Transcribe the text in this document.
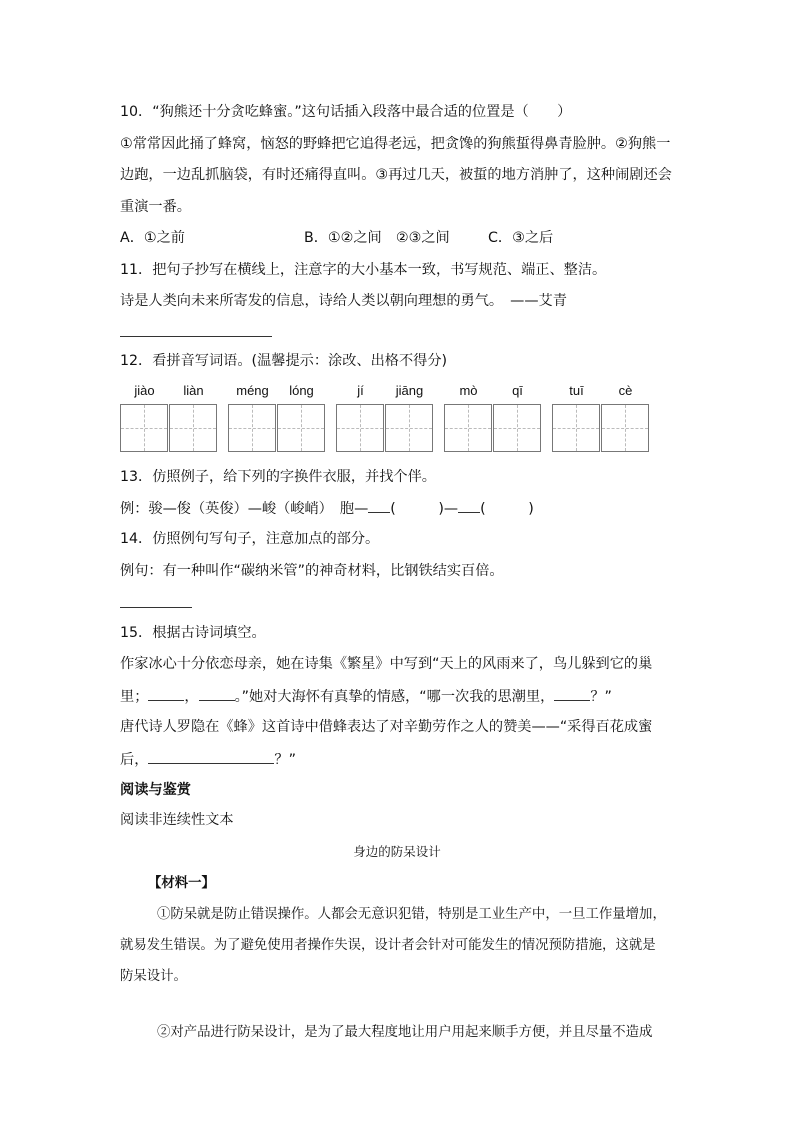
10．“狗熊还十分贪吃蜂蜜。”这句话插入段落中最合适的位置是（　　）
①常常因此捅了蜂窝，恼怒的野蜂把它追得老远，把贪馋的狗熊蜇得鼻青脸肿。②狗熊一
边跑，一边乱抓脑袋，有时还痛得直叫。③再过几天，被蜇的地方消肿了，这种闹剧还会
重演一番。
A．①之前	B．①②之间　②③之间	C．③之后
11．把句子抄写在横线上，注意字的大小基本一致，书写规范、端正、整洁。
诗是人类向未来所寄发的信息，诗给人类以朝向理想的勇气。　——艾青
12．看拼音写词语。(温馨提示：涂改、出格不得分)
jiào	liàn	méng	lóng	jí	jiāng	mò	qī	tuī	cè
13．仿照例子，给下列的字换件衣服，并找个伴。
例：骏—俊（英俊）—峻（峻峭）　胞— (　　　)— (　　　)
14．仿照例句写句子，注意加点的部分。
例句：有一种叫作“碳纳米管”的神奇材料，比钢铁结实百倍。
15．根据古诗词填空。
作家冰心十分依恋母亲，她在诗集《繁星》中写到“天上的风雨来了，鸟儿躲到它的巢
里；	，	。”她对大海怀有真挚的情感，“哪一次我的思潮里，	？”
唐代诗人罗隐在《蜂》这首诗中借蜂表达了对辛勤劳作之人的赞美——“采得百花成蜜
后，	？”
阅读与鉴赏
阅读非连续性文本
身边的防呆设计
【材料一】
①防呆就是防止错误操作。人都会无意识犯错，特别是工业生产中，一旦工作量增加，
就易发生错误。为了避免使用者操作失误，设计者会针对可能发生的情况预防措施，这就是
防呆设计。
②对产品进行防呆设计，是为了最大程度地让用户用起来顺手方便，并且尽量不造成
